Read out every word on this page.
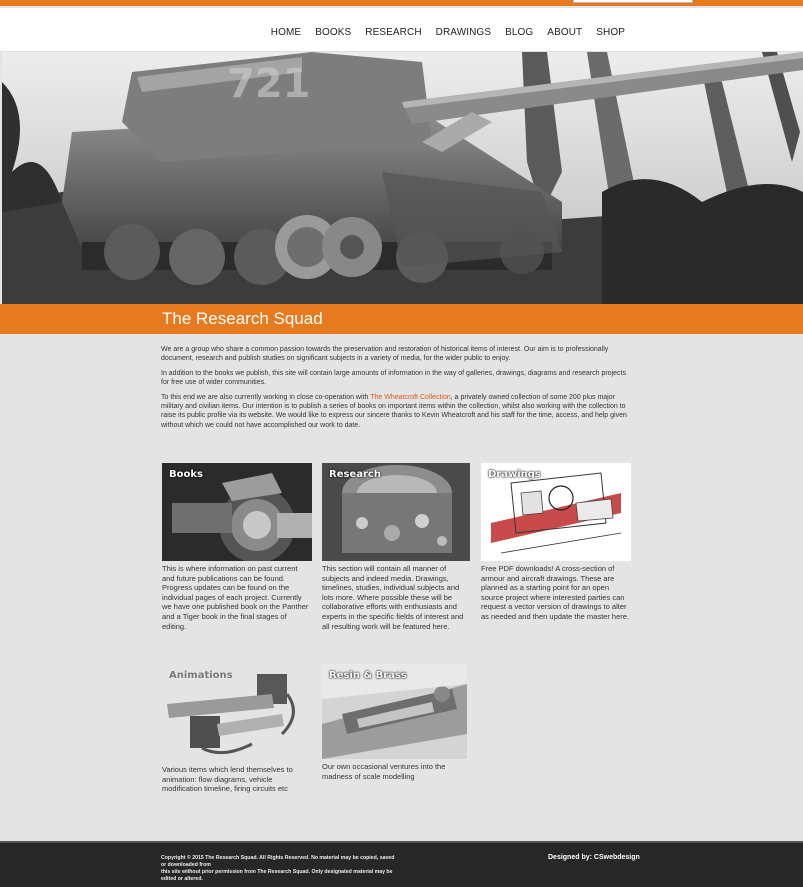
HOME BOOKS RESEARCH DRAWINGS BLOG ABOUT SHOP
721
The Research Squad

We are a group who share a common passion towards the preservation and restoration of historical items of interest. Our aim is to professionally document, research and publish studies on significant subjects in a variety of media, for the wider public to enjoy.

In addition to the books we publish, this site will contain large amounts of information in the way of galleries, drawings, diagrams and research projects for free use of wider communities.

To this end we are also currently working in close co-operation with The Wheatcroft Collection, a privately owned collection of some 200 plus major military and civilian items. Our intention is to publish a series of books on important items within the collection, whilst also working with the collection to raise its public profile via its website. We would like to express our sincere thanks to Kevin Wheatcroft and his staff for the time, access, and help given without which we could not have accomplished our work to date.

Books
This is where information on past current and future publications can be found. Progress updates can be found on the individual pages of each project. Currently we have one published book on the Panther and a Tiger book in the final stages of editing.
Research
This section will contain all manner of subjects and indeed media. Drawings, timelines, studies, individual subjects and lots more. Where possible these will be collaborative efforts with enthusiasts and experts in the specific fields of interest and all resulting work will be featured here.
Drawings
Free PDF downloads! A cross-section of armour and aircraft drawings. These are planned as a starting point for an open source project where interested parties can request a vector version of drawings to alter as needed and then update the master here.
Animations
Various items which lend themselves to animation: flow diagrams, vehicle modification timeline, firing circuits etc
Resin & Brass
Our own occasional ventures into the madness of scale modelling
Copyright © 2015 The Research Squad. All Rights Reserved. No material may be copied, saved or downloaded from
this site without prior permission from The Research Squad. Only designated material may be edited or altered.
Designed by: CSwebdesign
